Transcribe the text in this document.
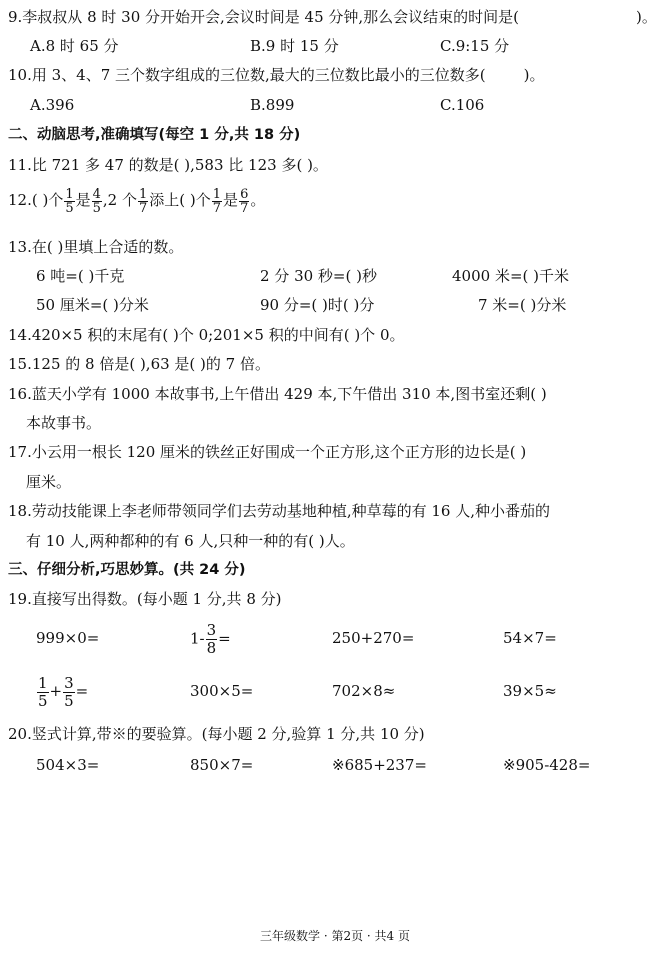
9.李叔叔从 8 时 30 分开始开会,会议时间是 45 分钟,那么会议结束的时间是(	)。
A.8 时 65 分	B.9 时 15 分	C.9:15 分
10.用 3、4、7 三个数字组成的三位数,最大的三位数比最小的三位数多(	)。
A.396	B.899	C.106
二、动脑思考,准确填写(每空 1 分,共 18 分)
11.比 721 多 47 的数是( ),583 比 123 多( )。
12.( )个 $\frac{1}{5}$ 是 $\frac{4}{5} ,2$ 个 $\frac{1}{7}$ 添上( )个 $\frac{1}{7}$ 是 $\frac{6}{7}$ 。
13.在( )里填上合适的数。
6 吨=( )千克	2 分 30 秒=( )秒	4000 米=( )千米
50 厘米=( )分米	90 分=( )时( )分	7 米=( )分米
14.420×5 积的末尾有( )个 0;201×5 积的中间有( )个 0。
15.125 的 8 倍是( ),63 是( )的 7 倍。
16.蓝天小学有 1000 本故事书,上午借出 429 本,下午借出 310 本,图书室还剩( )
本故事书。
17.小云用一根长 120 厘米的铁丝正好围成一个正方形,这个正方形的边长是( )
厘米。
18.劳动技能课上李老师带领同学们去劳动基地种植,种草莓的有 16 人,种小番茄的
有 10 人,两种都种的有 6 人,只种一种的有( )人。
三、仔细分析,巧思妙算。(共 24 分)
19.直接写出得数。(每小题 1 分,共 8 分)
999×0=	$1- \frac{3}{8}$ =	250+270=	54×7=
$\frac{1}{5} + \frac{3}{5}$ =	300×5=	702×8≈	39×5≈
20.竖式计算,带※的要验算。(每小题 2 分,验算 1 分,共 10 分)
504×3=	850×7=	※685+237=	※905-428=
三年级数学 · 第2页 · 共4 页
